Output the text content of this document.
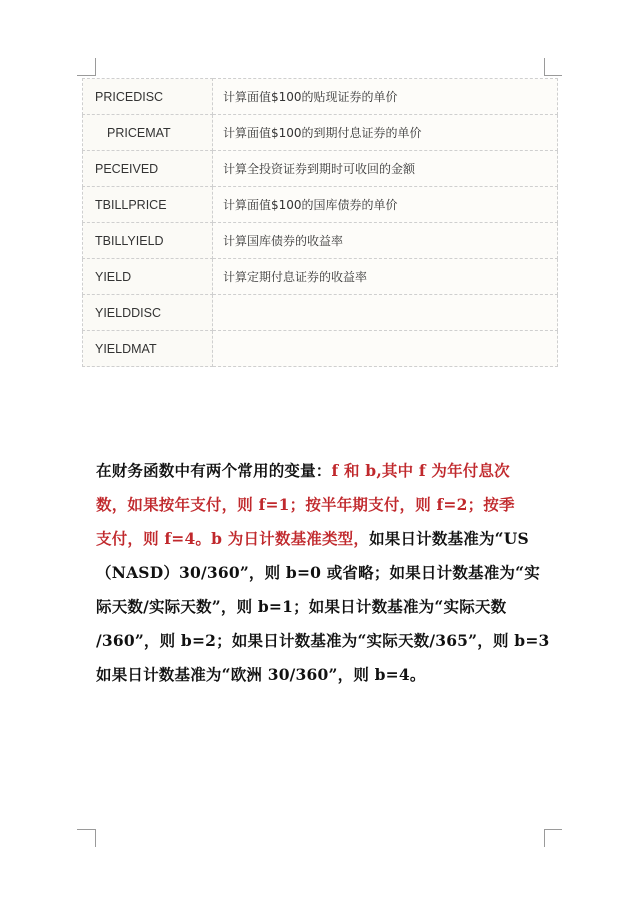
PRICEDISC	计算面值$100的贴现证券的单价
PRICEMAT	计算面值$100的到期付息证券的单价
PECEIVED	计算全投资证券到期时可收回的金额
TBILLPRICE	计算面值$100的国库债券的单价
TBILLYIELD	计算国库债券的收益率
YIELD	计算定期付息证券的收益率
YIELDDISC	
YIELDMAT	
在财务函数中有两个常用的变量：f 和 b,其中 f 为年付息次
数，如果按年支付，则 f=1；按半年期支付，则 f=2；按季
支付，则 f=4。b 为日计数基准类型，如果日计数基准为“US
（NASD）30/360”，则 b=0 或省略；如果日计数基准为“实
际天数/实际天数”，则 b=1；如果日计数基准为“实际天数
/360”，则 b=2；如果日计数基准为“实际天数/365”，则 b=3
如果日计数基准为“欧洲 30/360”，则 b=4。
